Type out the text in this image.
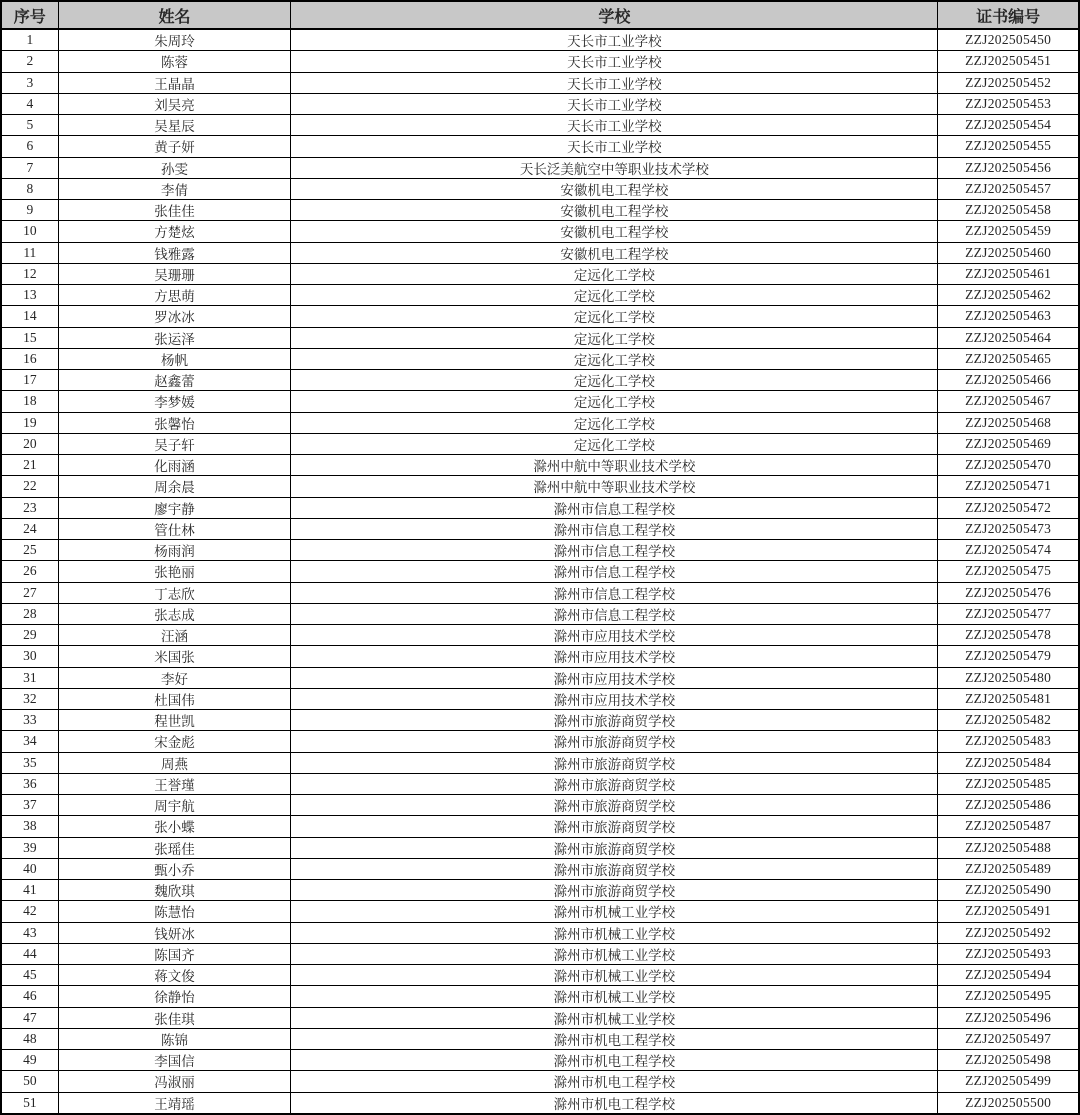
序号	姓名	学校	证书编号
1	朱周玲	天长市工业学校	ZZJ202505450
2	陈蓉	天长市工业学校	ZZJ202505451
3	王晶晶	天长市工业学校	ZZJ202505452
4	刘吴亮	天长市工业学校	ZZJ202505453
5	吴星辰	天长市工业学校	ZZJ202505454
6	黄子妍	天长市工业学校	ZZJ202505455
7	孙雯	天长泛美航空中等职业技术学校	ZZJ202505456
8	李倩	安徽机电工程学校	ZZJ202505457
9	张佳佳	安徽机电工程学校	ZZJ202505458
10	方楚炫	安徽机电工程学校	ZZJ202505459
11	钱雅露	安徽机电工程学校	ZZJ202505460
12	吴珊珊	定远化工学校	ZZJ202505461
13	方思萌	定远化工学校	ZZJ202505462
14	罗冰冰	定远化工学校	ZZJ202505463
15	张运泽	定远化工学校	ZZJ202505464
16	杨帆	定远化工学校	ZZJ202505465
17	赵鑫蕾	定远化工学校	ZZJ202505466
18	李梦媛	定远化工学校	ZZJ202505467
19	张馨怡	定远化工学校	ZZJ202505468
20	吴子轩	定远化工学校	ZZJ202505469
21	化雨涵	滁州中航中等职业技术学校	ZZJ202505470
22	周余晨	滁州中航中等职业技术学校	ZZJ202505471
23	廖宇静	滁州市信息工程学校	ZZJ202505472
24	管仕林	滁州市信息工程学校	ZZJ202505473
25	杨雨润	滁州市信息工程学校	ZZJ202505474
26	张艳丽	滁州市信息工程学校	ZZJ202505475
27	丁志欣	滁州市信息工程学校	ZZJ202505476
28	张志成	滁州市信息工程学校	ZZJ202505477
29	汪涵	滁州市应用技术学校	ZZJ202505478
30	米国张	滁州市应用技术学校	ZZJ202505479
31	李好	滁州市应用技术学校	ZZJ202505480
32	杜国伟	滁州市应用技术学校	ZZJ202505481
33	程世凯	滁州市旅游商贸学校	ZZJ202505482
34	宋金彪	滁州市旅游商贸学校	ZZJ202505483
35	周燕	滁州市旅游商贸学校	ZZJ202505484
36	王誉瑾	滁州市旅游商贸学校	ZZJ202505485
37	周宇航	滁州市旅游商贸学校	ZZJ202505486
38	张小蝶	滁州市旅游商贸学校	ZZJ202505487
39	张瑶佳	滁州市旅游商贸学校	ZZJ202505488
40	甄小乔	滁州市旅游商贸学校	ZZJ202505489
41	魏欣琪	滁州市旅游商贸学校	ZZJ202505490
42	陈慧怡	滁州市机械工业学校	ZZJ202505491
43	钱妍冰	滁州市机械工业学校	ZZJ202505492
44	陈国齐	滁州市机械工业学校	ZZJ202505493
45	蒋文俊	滁州市机械工业学校	ZZJ202505494
46	徐静怡	滁州市机械工业学校	ZZJ202505495
47	张佳琪	滁州市机械工业学校	ZZJ202505496
48	陈锦	滁州市机电工程学校	ZZJ202505497
49	李国信	滁州市机电工程学校	ZZJ202505498
50	冯淑丽	滁州市机电工程学校	ZZJ202505499
51	王靖瑶	滁州市机电工程学校	ZZJ202505500
